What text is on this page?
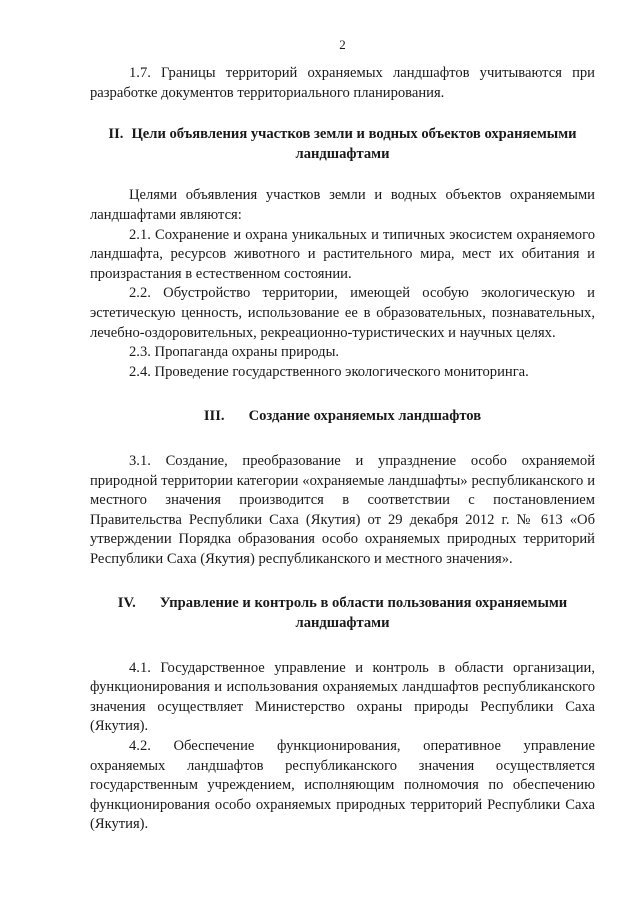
2

1.7. Границы территорий охраняемых ландшафтов учитываются при разработке документов территориального планирования.

II. Цели объявления участков земли и водных объектов охраняемыми
ландшафтами

Целями объявления участков земли и водных объектов охраняемыми ландшафтами являются:

2.1. Сохранение и охрана уникальных и типичных экосистем охраняемого ландшафта, ресурсов животного и растительного мира, мест их обитания и произрастания в естественном состоянии.

2.2. Обустройство территории, имеющей особую экологическую и эстетическую ценность, использование ее в образовательных, познавательных, лечебно-оздоровительных, рекреационно-туристических и научных целях.

2.3. Пропаганда охраны природы.

2.4. Проведение государственного экологического мониторинга.

III. Создание охраняемых ландшафтов

3.1. Создание, преобразование и упразднение особо охраняемой природной территории категории «охраняемые ландшафты» республиканского и местного значения производится в соответствии с постановлением Правительства Республики Саха (Якутия) от 29 декабря 2012 г. № 613 «Об утверждении Порядка образования особо охраняемых природных территорий Республики Саха (Якутия) республиканского и местного значения».

IV. Управление и контроль в области пользования охраняемыми
ландшафтами

4.1. Государственное управление и контроль в области организации, функционирования и использования охраняемых ландшафтов республиканского значения осуществляет Министерство охраны природы Республики Саха (Якутия).

4.2. Обеспечение функционирования, оперативное управление охраняемых ландшафтов республиканского значения осуществляется государственным учреждением, исполняющим полномочия по обеспечению функционирования особо охраняемых природных территорий Республики Саха (Якутия).
